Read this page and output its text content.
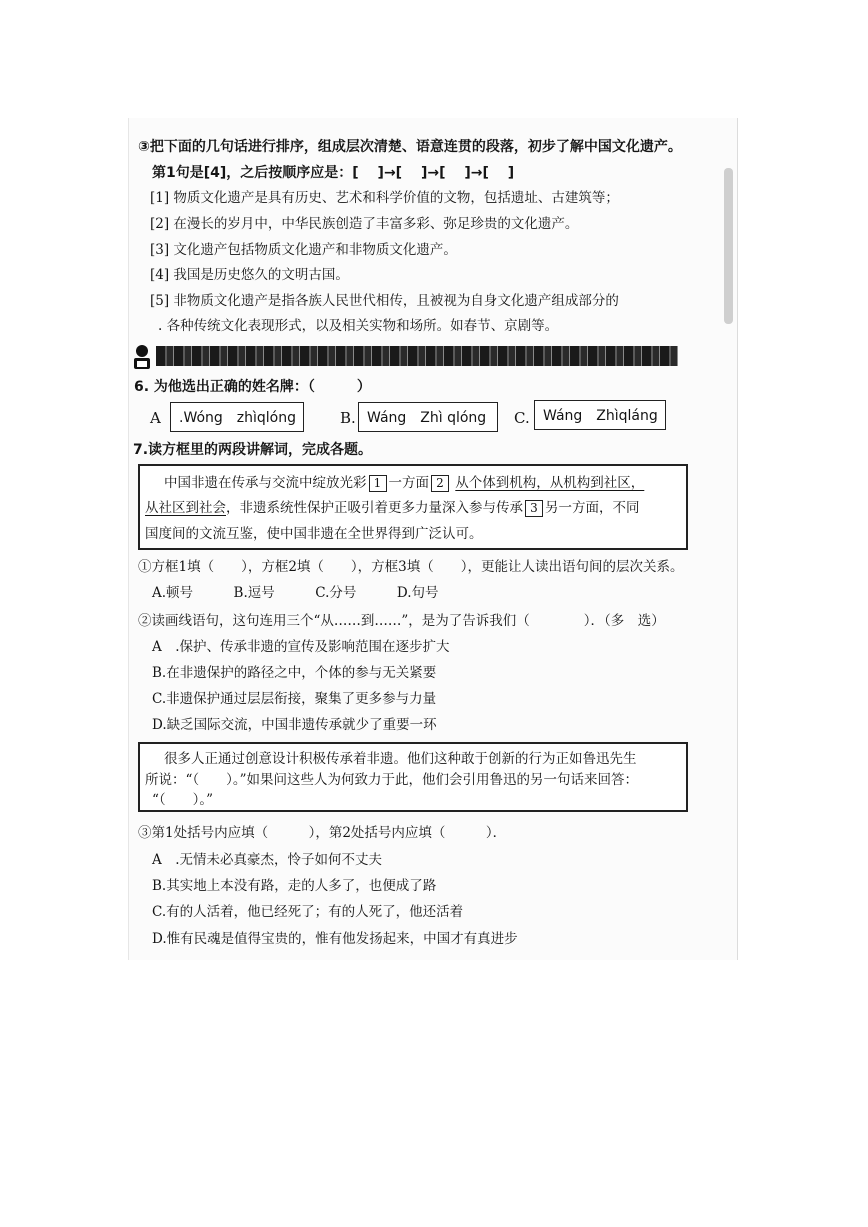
③把下面的几句话进行排序，组成层次清楚、语意连贯的段落，初步了解中国文化遗产。
第1句是[4]，之后按顺序应是：[　 ]→[　 ]→[　 ]→[　 ]
[1] 物质文化遗产是具有历史、艺术和科学价值的文物，包括遗址、古建筑等；
[2] 在漫长的岁月中，中华民族创造了丰富多彩、弥足珍贵的文化遗产。
[3] 文化遗产包括物质文化遗产和非物质文化遗产。
[4] 我国是历史悠久的文明古国。
[5] 非物质文化遗产是指各族人民世代相传，且被视为自身文化遗产组成部分的
. 各种传统文化表现形式，以及相关实物和场所。如春节、京剧等。
6. 为他选出正确的姓名牌：（　　　）
A	.Wóng　zhìqlóng	B. Wáng　Zhì qlóng	C. Wáng　Zhìqláng
7.读方框里的两段讲解词，完成各题。
中国非遗在传承与交流中绽放光彩 1 一方面 2 从个体到机构，从机构到社区，
从社区到社会，非遗系统性保护正吸引着更多力量深入参与传承 3 另一方面，不同
国度间的文流互鉴，使中国非遗在全世界得到广泛认可。
①方框1填（　　），方框2填（　　），方框3填（　　），更能让人读出语句间的层次关系。
A.顿号　　　B.逗号　　　C.分号　　　D.句号
②读画线语句，这句连用三个“从……到……”，是为了告诉我们（　　　　）．（多　选）
A　.保护、传承非遗的宣传及影响范围在逐步扩大
B.在非遗保护的路径之中，个体的参与无关紧要
C.非遗保护通过层层衔接，聚集了更多参与力量
D.缺乏国际交流，中国非遗传承就少了重要一环
很多人正通过创意设计积极传承着非遗。他们这种敢于创新的行为正如鲁迅先生
所说：“（　　）。”如果问这些人为何致力于此，他们会引用鲁迅的另一句话来回答：
“（　　）。”
③第1处括号内应填（　　　），第2处括号内应填（　　　）．
A　.无情未必真豪杰，怜子如何不丈夫
B.其实地上本没有路，走的人多了，也便成了路
C.有的人活着，他已经死了；有的人死了，他还活着
D.惟有民魂是值得宝贵的，惟有他发扬起来，中国才有真进步
